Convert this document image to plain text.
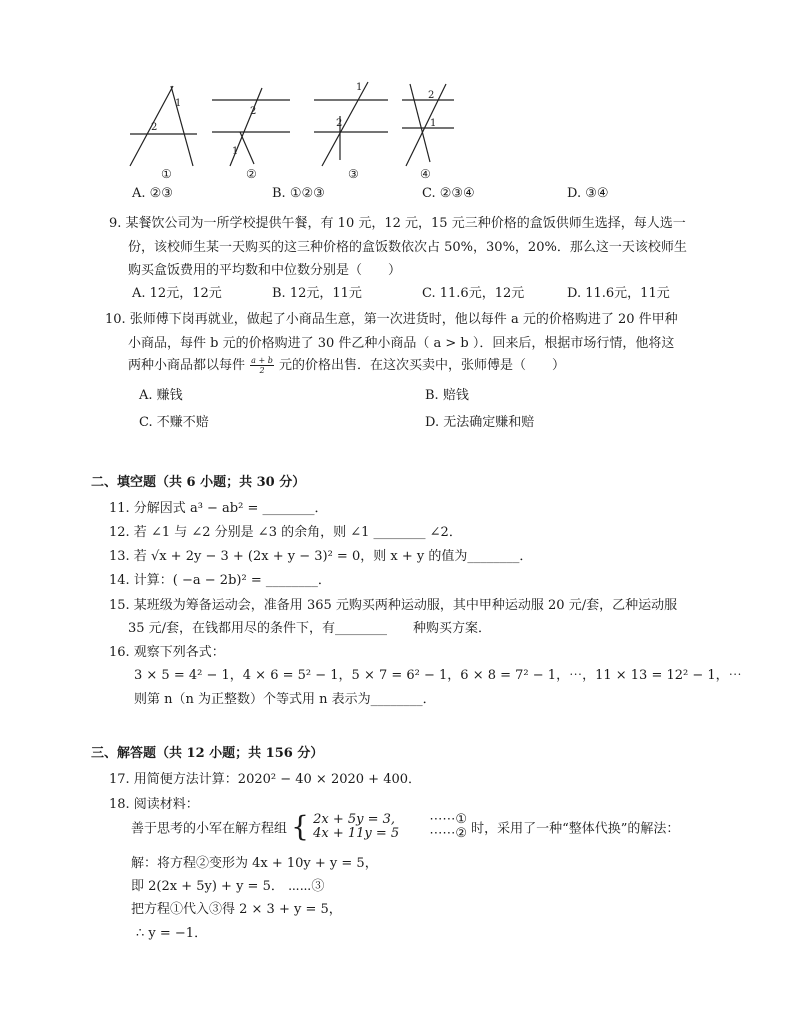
1
2
①
2
1
②
1
2
③
2
1
④
A. ②③	B. ①②③	C. ②③④	D. ③④
9. 某餐饮公司为一所学校提供午餐，有 10 元，12 元，15 元三种价格的盒饭供师生选择，每人选一
份，该校师生某一天购买的这三种价格的盒饭数依次占 50%，30%，20%．那么这一天该校师生
购买盒饭费用的平均数和中位数分别是（　　）
A. 12元，12元	B. 12元，11元	C. 11.6元，12元	D. 11.6元，11元
10. 张师傅下岗再就业，做起了小商品生意，第一次进货时，他以每件 a 元的价格购进了 20 件甲种
小商品，每件 b 元的价格购进了 30 件乙种小商品（ a > b ）．回来后，根据市场行情，他将这
两种小商品都以每件 $\frac{a + b}{2}$ 元的价格出售．在这次买卖中，张师傅是（　　）
A. 赚钱	B. 赔钱
C. 不赚不赔	D. 无法确定赚和赔
二、填空题（共 6 小题；共 30 分）
11. 分解因式 a³ − ab² = ________．
12. 若 ∠1 与 ∠2 分别是 ∠3 的余角，则 ∠1 ________ ∠2．
13. 若 √x + 2y − 3 + (2x + y − 3)² = 0，则 x + y 的值为________．
14. 计算：( −a − 2b)² = ________．
15. 某班级为筹备运动会，准备用 365 元购买两种运动服，其中甲种运动服 20 元/套，乙种运动服
35 元/套，在钱都用尽的条件下，有________　　种购买方案．
16. 观察下列各式：
3 × 5 = 4² − 1，4 × 6 = 5² − 1，5 × 7 = 6² − 1，6 × 8 = 7² − 1，⋯，11 × 13 = 12² − 1，⋯
则第 n（n 为正整数）个等式用 n 表示为________．
三、解答题（共 12 小题；共 156 分）
17. 用简便方法计算：2020² − 40 × 2020 + 400．
18. 阅读材料：
善于思考的小军在解方程组 { 2x + 5y = 3,
4x + 11y = 5

⋯⋯①
⋯⋯② 时，采用了一种“整体代换”的解法：
解：将方程②变形为 4x + 10y + y = 5，
即 2(2x + 5y) + y = 5． ⋯⋯③
把方程①代入③得 2 × 3 + y = 5，
∴ y = −1．
